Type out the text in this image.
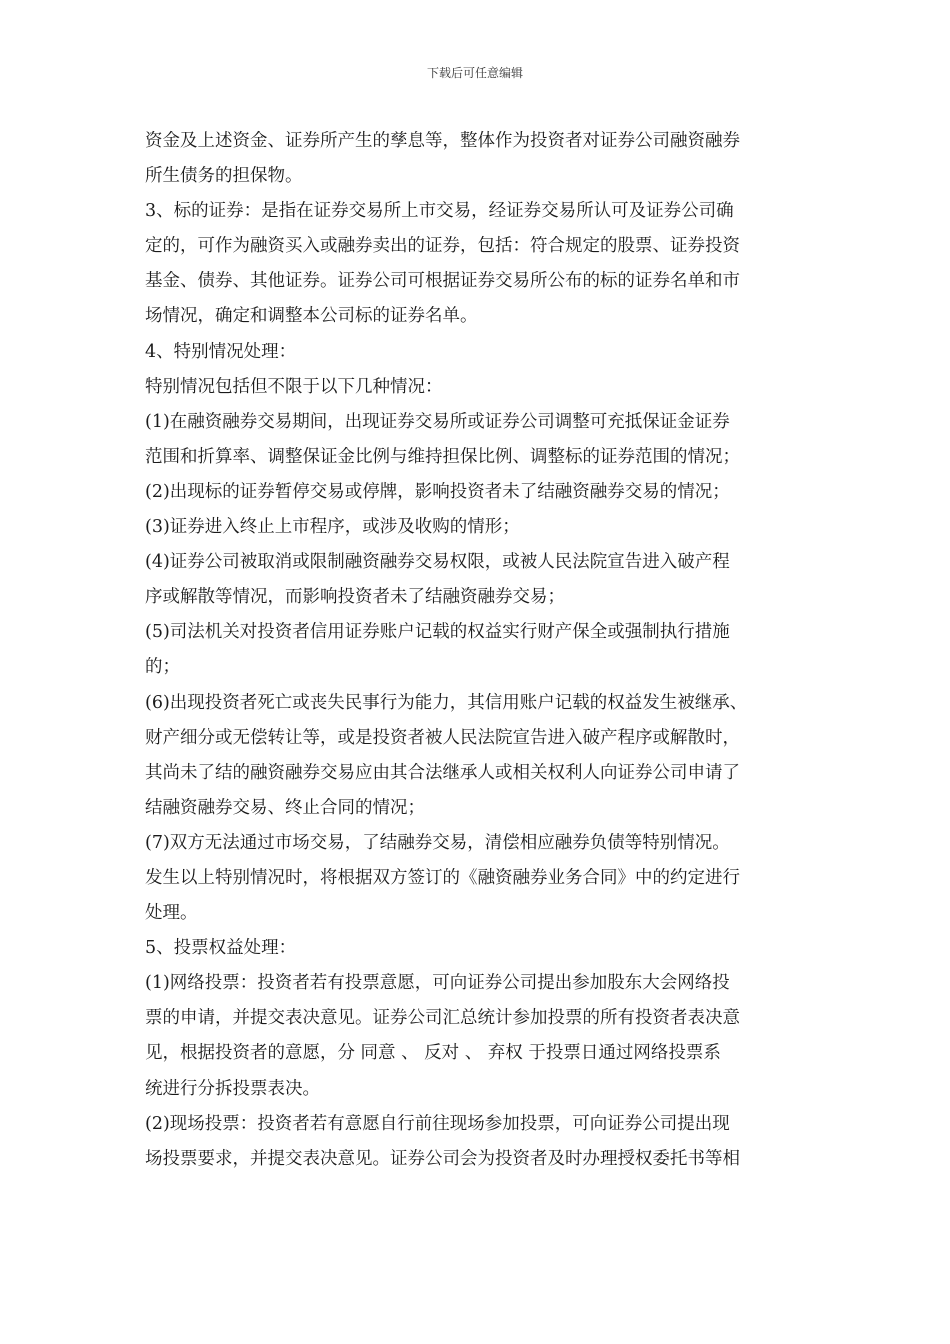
下载后可任意编辑
资金及上述资金、证券所产生的孳息等，整体作为投资者对证券公司融资融券
所生债务的担保物。
3、标的证券：是指在证券交易所上市交易，经证券交易所认可及证券公司确
定的，可作为融资买入或融券卖出的证券，包括：符合规定的股票、证券投资
基金、债券、其他证券。证券公司可根据证券交易所公布的标的证券名单和市
场情况，确定和调整本公司标的证券名单。
4、特别情况处理：
特别情况包括但不限于以下几种情况：
(1)在融资融券交易期间，出现证券交易所或证券公司调整可充抵保证金证券
范围和折算率、调整保证金比例与维持担保比例、调整标的证券范围的情况；
(2)出现标的证券暂停交易或停牌，影响投资者未了结融资融券交易的情况；
(3)证券进入终止上市程序，或涉及收购的情形；
(4)证券公司被取消或限制融资融券交易权限，或被人民法院宣告进入破产程
序或解散等情况，而影响投资者未了结融资融券交易；
(5)司法机关对投资者信用证券账户记载的权益实行财产保全或强制执行措施
的；
(6)出现投资者死亡或丧失民事行为能力，其信用账户记载的权益发生被继承、
财产细分或无偿转让等，或是投资者被人民法院宣告进入破产程序或解散时，
其尚未了结的融资融券交易应由其合法继承人或相关权利人向证券公司申请了
结融资融券交易、终止合同的情况；
(7)双方无法通过市场交易，了结融券交易，清偿相应融券负债等特别情况。
发生以上特别情况时，将根据双方签订的《融资融券业务合同》中的约定进行
处理。
5、投票权益处理：
(1)网络投票：投资者若有投票意愿，可向证券公司提出参加股东大会网络投
票的申请，并提交表决意见。证券公司汇总统计参加投票的所有投资者表决意
见，根据投资者的意愿，分 同意 、 反对 、 弃权 于投票日通过网络投票系
统进行分拆投票表决。
(2)现场投票：投资者若有意愿自行前往现场参加投票，可向证券公司提出现
场投票要求，并提交表决意见。证券公司会为投资者及时办理授权委托书等相
